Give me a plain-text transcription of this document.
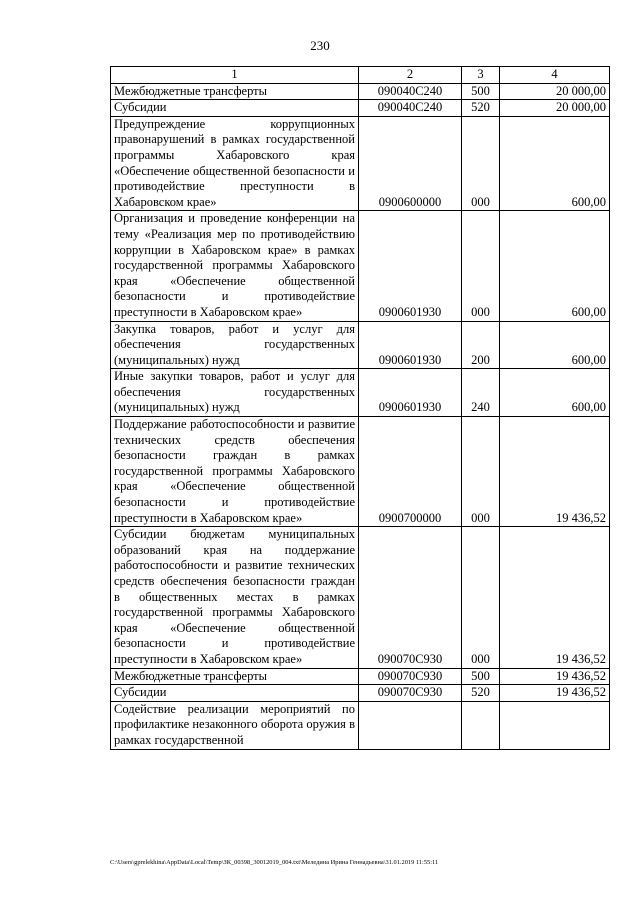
230
1	2	3	4
Межбюджетные трансферты	090040С240	500	20 000,00
Субсидии	090040С240	520	20 000,00
Предупреждение коррупционных правонарушений в рамках государственной программы Хабаровского края «Обеспечение общественной безопасности и противодействие преступности в Хабаровском крае»	0900600000	000	600,00
Организация и проведение конференции на тему «Реализация мер по противодействию коррупции в Хабаровском крае» в рамках государственной программы Хабаровского края «Обеспечение общественной безопасности и противодействие преступности в Хабаровском крае»	0900601930	000	600,00
Закупка товаров, работ и услуг для обеспечения государственных (муниципальных) нужд	0900601930	200	600,00
Иные закупки товаров, работ и услуг для обеспечения государственных (муниципальных) нужд	0900601930	240	600,00
Поддержание работоспособности и развитие технических средств обеспечения безопасности граждан в рамках государственной программы Хабаровского края «Обеспечение общественной безопасности и противодействие преступности в Хабаровском крае»	0900700000	000	19 436,52
Субсидии бюджетам муниципальных образований края на поддержание работоспособности и развитие технических средств обеспечения безопасности граждан в общественных местах в рамках государственной программы Хабаровского края «Обеспечение общественной безопасности и противодействие преступности в Хабаровском крае»	090070С930	000	19 436,52
Межбюджетные трансферты	090070С930	500	19 436,52
Субсидии	090070С930	520	19 436,52
Содействие реализации мероприятий по профилактике незаконного оборота оружия в рамках государственной			
C:\Users\gprelekhina\AppData\Local\Temp\ЗК_00398_30012019_004.txt\Меледина Ирина Геннадьевна\31.01.2019 11:55:11
